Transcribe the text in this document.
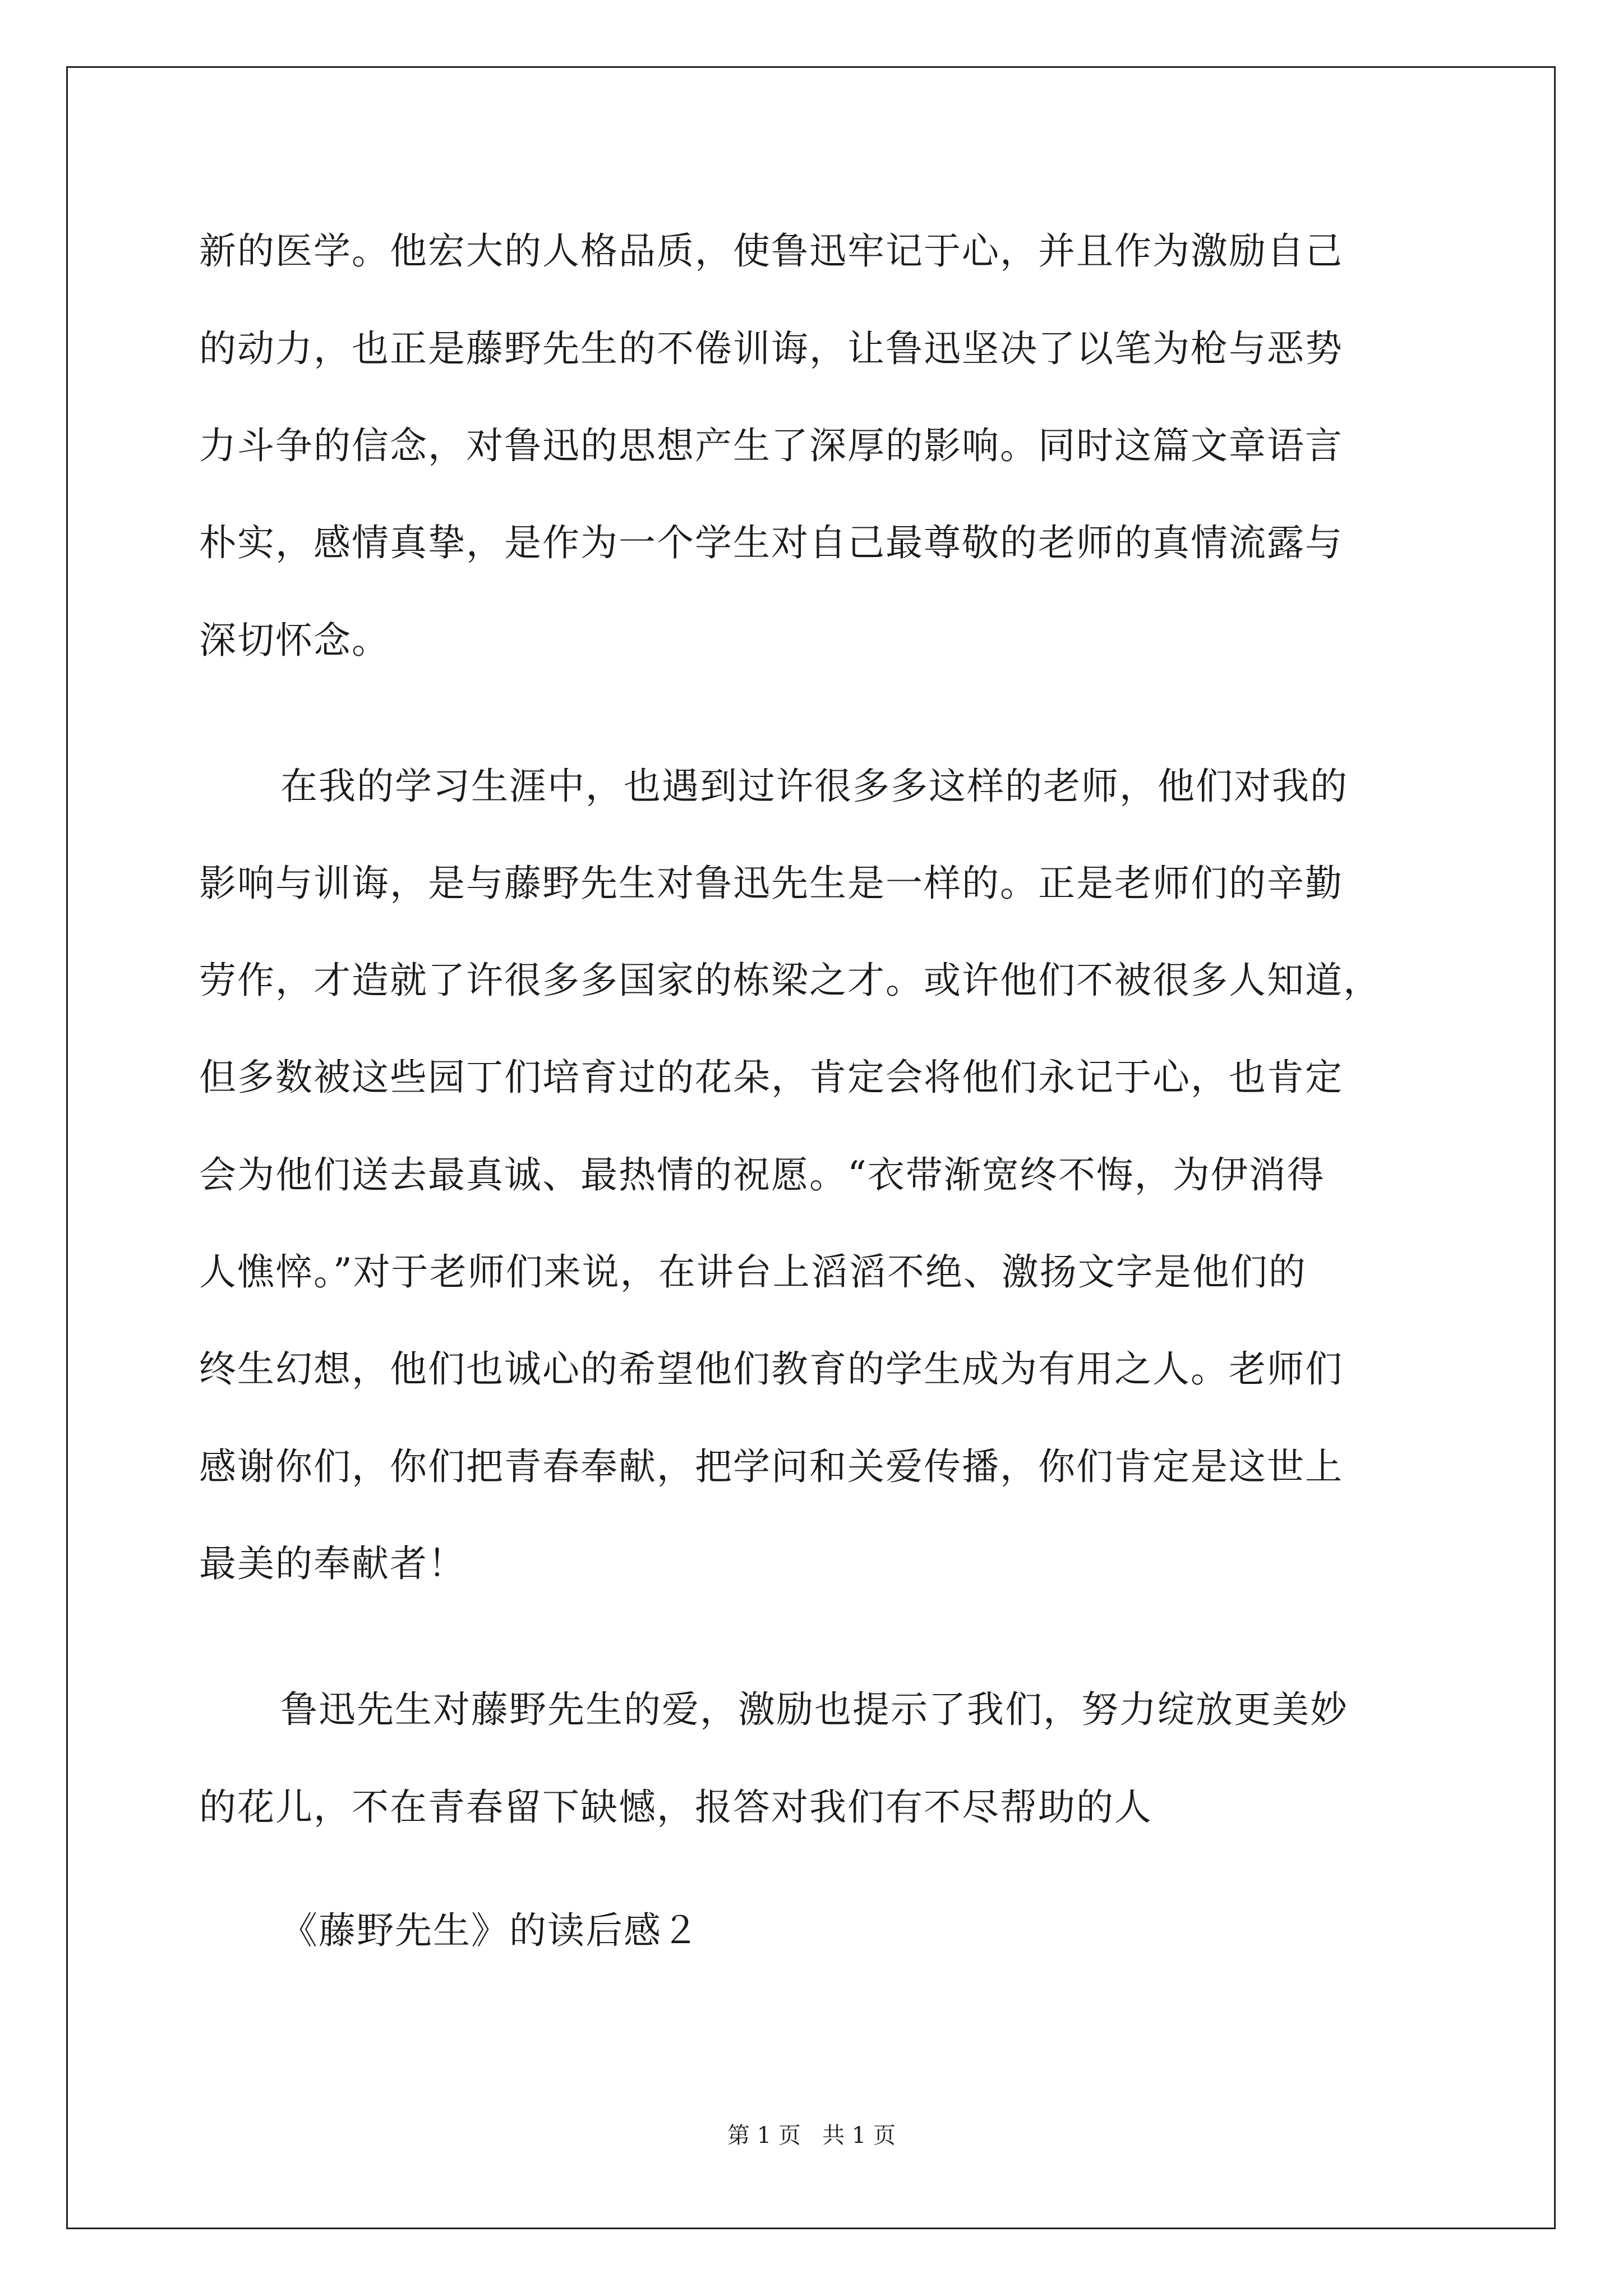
新的医学。他宏大的人格品质，使鲁迅牢记于心，并且作为激励自己
的动力，也正是藤野先生的不倦训诲，让鲁迅坚决了以笔为枪与恶势
力斗争的信念，对鲁迅的思想产生了深厚的影响。同时这篇文章语言
朴实，感情真挚，是作为一个学生对自己最尊敬的老师的真情流露与
深切怀念。
在我的学习生涯中，也遇到过许很多多这样的老师，他们对我的
影响与训诲，是与藤野先生对鲁迅先生是一样的。正是老师们的辛勤
劳作，才造就了许很多多国家的栋梁之才。或许他们不被很多人知道，
但多数被这些园丁们培育过的花朵，肯定会将他们永记于心，也肯定
会为他们送去最真诚、最热情的祝愿。“衣带渐宽终不悔，为伊消得
人憔悴。”对于老师们来说，在讲台上滔滔不绝、激扬文字是他们的
终生幻想，他们也诚心的希望他们教育的学生成为有用之人。老师们
感谢你们，你们把青春奉献，把学问和关爱传播，你们肯定是这世上
最美的奉献者！
鲁迅先生对藤野先生的爱，激励也提示了我们，努力绽放更美妙
的花儿，不在青春留下缺憾，报答对我们有不尽帮助的人
《藤野先生》的读后感２
第 1 页   共 1 页
